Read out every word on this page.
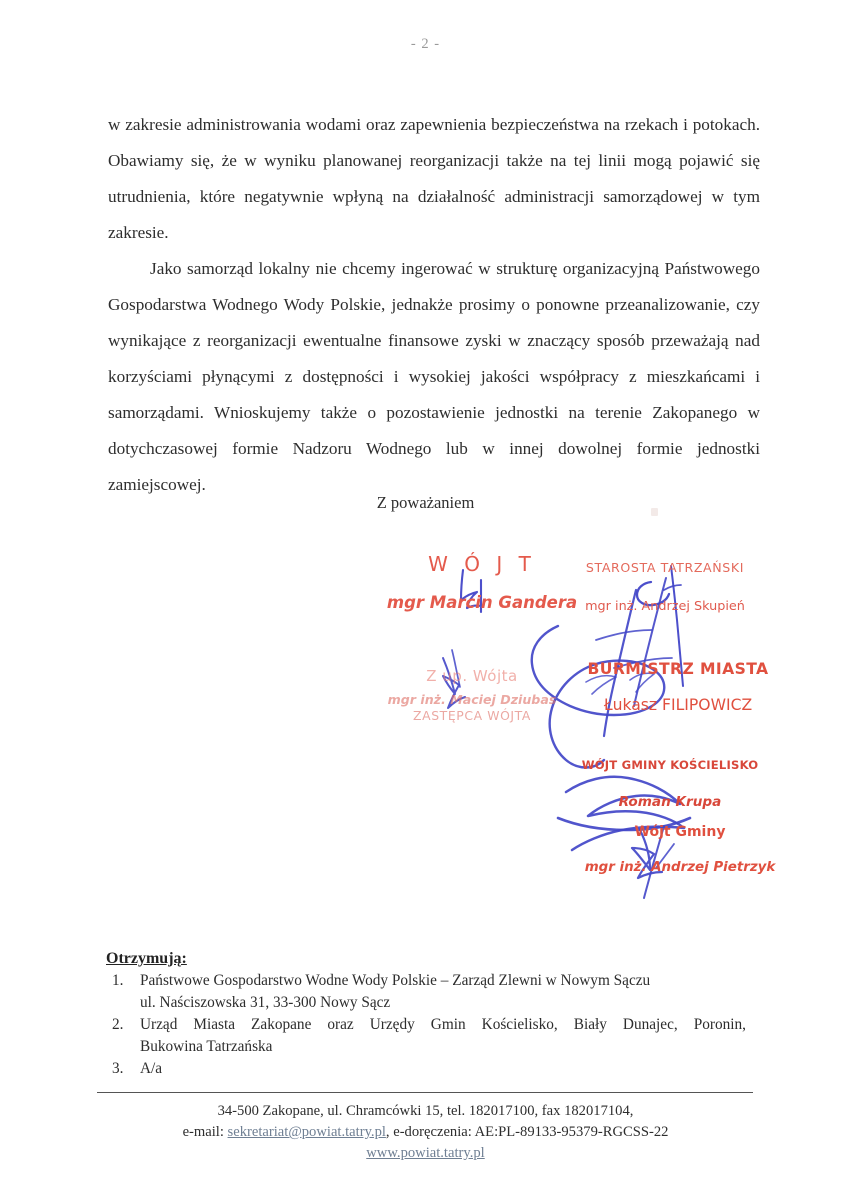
- 2 -

w zakresie administrowania wodami oraz zapewnienia bezpieczeństwa na rzekach i potokach. Obawiamy się, że w wyniku planowanej reorganizacji także na tej linii mogą pojawić się utrudnienia, które negatywnie wpłyną na działalność administracji samorządowej w tym zakresie.

Jako samorząd lokalny nie chcemy ingerować w strukturę organizacyjną Państwowego Gospodarstwa Wodnego Wody Polskie, jednakże prosimy o ponowne przeanalizowanie, czy wynikające z reorganizacji ewentualne finansowe zyski w znaczący sposób przeważają nad korzyściami płynącymi z dostępności i wysokiej jakości współpracy z mieszkańcami i samorządami. Wnioskujemy także o pozostawienie jednostki na terenie Zakopanego w dotychczasowej formie Nadzoru Wodnego lub w innej dowolnej formie jednostki zamiejscowej.

Z poważaniem
W Ó J T
mgr Marcin Gandera
STAROSTA TATRZAŃSKI
mgr inż. Andrzej Skupień
Z up. Wójta
mgr inż. Maciej Dziubas
ZASTĘPCA WÓJTA
BURMISTRZ MIASTA
Łukasz FILIPOWICZ
WÓJT GMINY KOŚCIELISKO
Roman Krupa
Wójt Gminy
mgr inż. Andrzej Pietrzyk
Otrzymują:
1. Państwowe Gospodarstwo Wodne Wody Polskie – Zarząd Zlewni w Nowym Sączu
ul. Naściszowska 31, 33-300 Nowy Sącz
2. Urząd Miasta Zakopane oraz Urzędy Gmin Kościelisko, Biały Dunajec, Poronin,
Bukowina Tatrzańska
3. A/a
34-500 Zakopane, ul. Chramcówki 15, tel. 182017100, fax 182017104,
e-mail: sekretariat@powiat.tatry.pl, e-doręczenia: AE:PL-89133-95379-RGCSS-22
www.powiat.tatry.pl
